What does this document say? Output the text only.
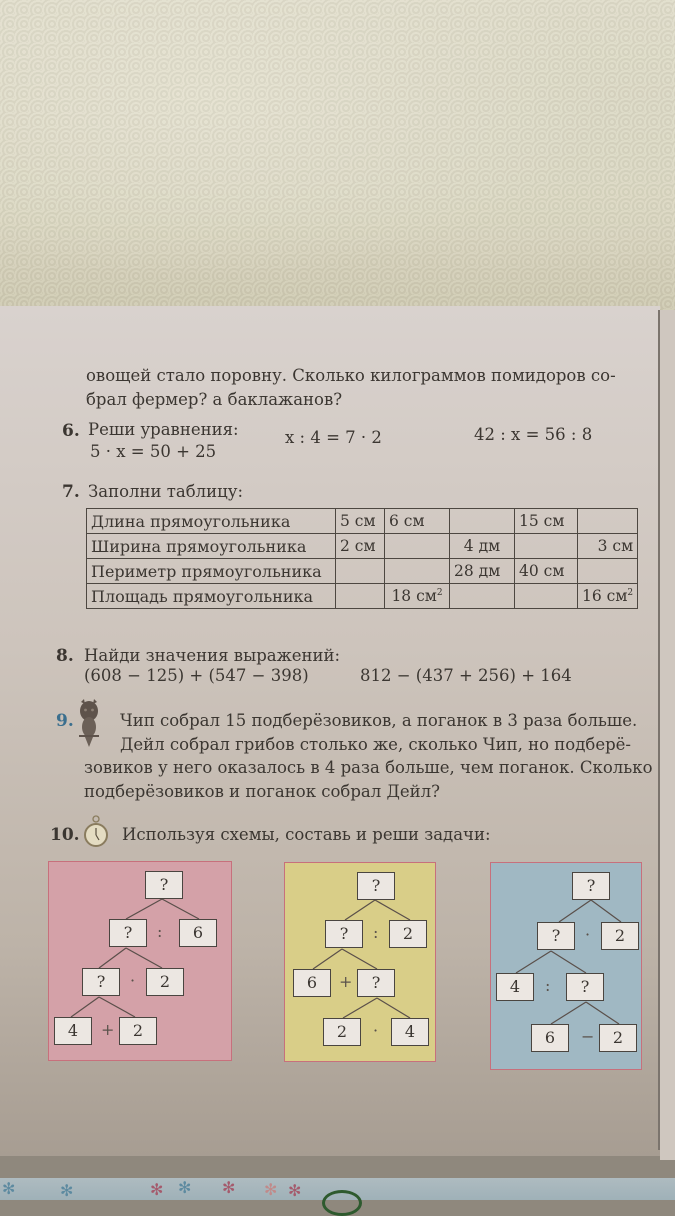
овощей стало поровну. Сколько килограммов помидоров со-
брал фермер? а баклажанов?
6. Реши уравнения:
5 · x = 50 + 25
x : 4 = 7 · 2	42 : x = 56 : 8
7. Заполни таблицу:
Длина прямоугольника	5 см	6 см		15 см	
Ширина прямоугольника	2 см		4 дм		3 см
Периметр прямоугольника			28 дм	40 см	
Площадь прямоугольника		18 $см^2$			16 $см^2$
8. Найди значения выражений:
(608 − 125) + (547 − 398)	812 − (437 + 256) + 164
9.	Чип собрал 15 подберёзовиков, а поганок в 3 раза больше.
Дейл собрал грибов столько же, сколько Чип, но подберё-
зовиков у него оказалось в 4 раза больше, чем поганок. Сколько
подберёзовиков и поганок собрал Дейл?
10.	Используя схемы, составь и реши задачи:
?
?	:	6
?	·	2
4	+	2
?
?	:	2
6	+	?
2	·	4
?
?	·	2
4	:	?
6	−	2
✻	✻	✻ ✻ ✻ ✻ ✻
